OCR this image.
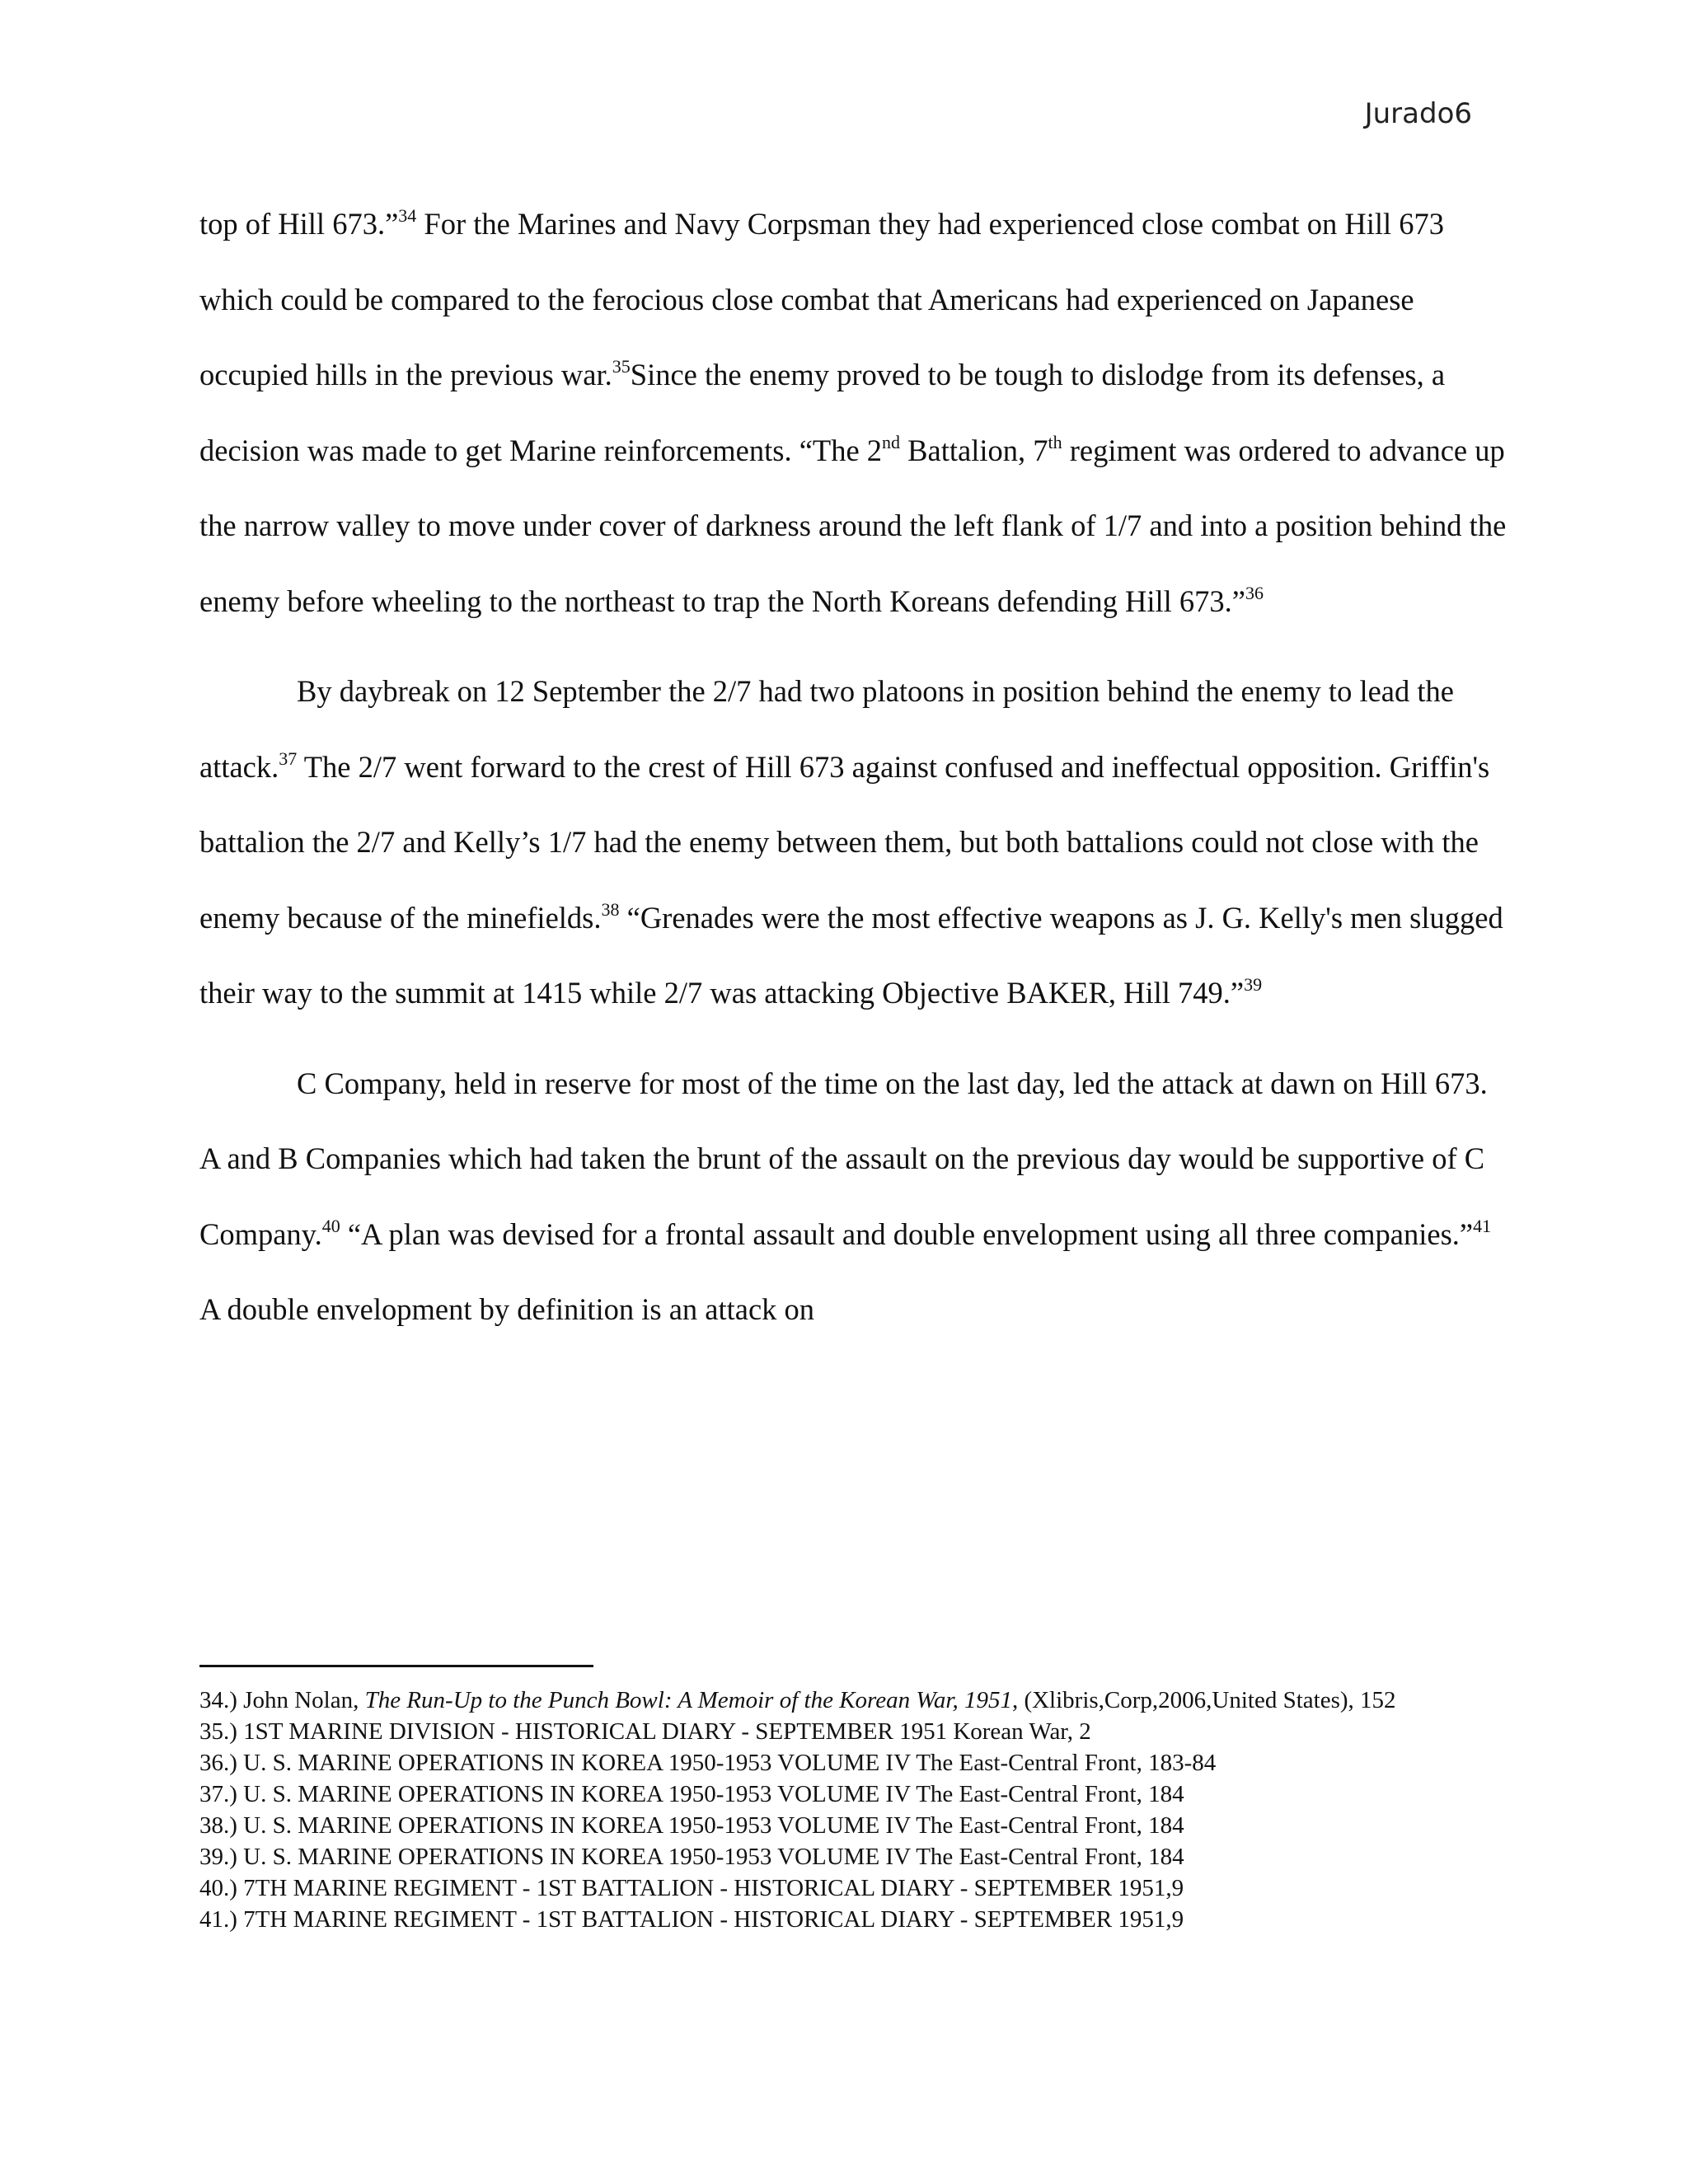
Jurado6

top of Hill 673.”$^{34}$ For the Marines and Navy Corpsman they had experienced close combat on Hill 673 which could be compared to the ferocious close combat that Americans had experienced on Japanese occupied hills in the previous war.$^{35}$Since the enemy proved to be tough to dislodge from its defenses, a decision was made to get Marine reinforcements. “The 2nd Battalion, 7th regiment was ordered to advance up the narrow valley to move under cover of darkness around the left flank of 1/7 and into a position behind the enemy before wheeling to the northeast to trap the North Koreans defending Hill 673.”$^{36}$

By daybreak on 12 September the 2/7 had two platoons in position behind the enemy to lead the attack.$^{37}$ The 2/7 went forward to the crest of Hill 673 against confused and ineffectual opposition. Griffin's battalion the 2/7 and Kelly’s 1/7 had the enemy between them, but both battalions could not close with the enemy because of the minefields.$^{38}$ “Grenades were the most effective weapons as J. G. Kelly's men slugged their way to the summit at 1415 while 2/7 was attacking Objective BAKER, Hill 749.”$^{39}$

C Company, held in reserve for most of the time on the last day, led the attack at dawn on Hill 673. A and B Companies which had taken the brunt of the assault on the previous day would be supportive of C Company.$^{40}$ “A plan was devised for a frontal assault and double envelopment using all three companies.”$^{41}$ A double envelopment by definition is an attack on

34.) John Nolan, The Run-Up to the Punch Bowl: A Memoir of the Korean War, 1951, (Xlibris,Corp,2006,United States), 152

35.) 1ST MARINE DIVISION - HISTORICAL DIARY - SEPTEMBER 1951 Korean War, 2

36.) U. S. MARINE OPERATIONS IN KOREA 1950-1953 VOLUME IV The East-Central Front, 183-84

37.) U. S. MARINE OPERATIONS IN KOREA 1950-1953 VOLUME IV The East-Central Front, 184

38.) U. S. MARINE OPERATIONS IN KOREA 1950-1953 VOLUME IV The East-Central Front, 184

39.) U. S. MARINE OPERATIONS IN KOREA 1950-1953 VOLUME IV The East-Central Front, 184

40.) 7TH MARINE REGIMENT - 1ST BATTALION - HISTORICAL DIARY - SEPTEMBER 1951,9

41.) 7TH MARINE REGIMENT - 1ST BATTALION - HISTORICAL DIARY - SEPTEMBER 1951,9
